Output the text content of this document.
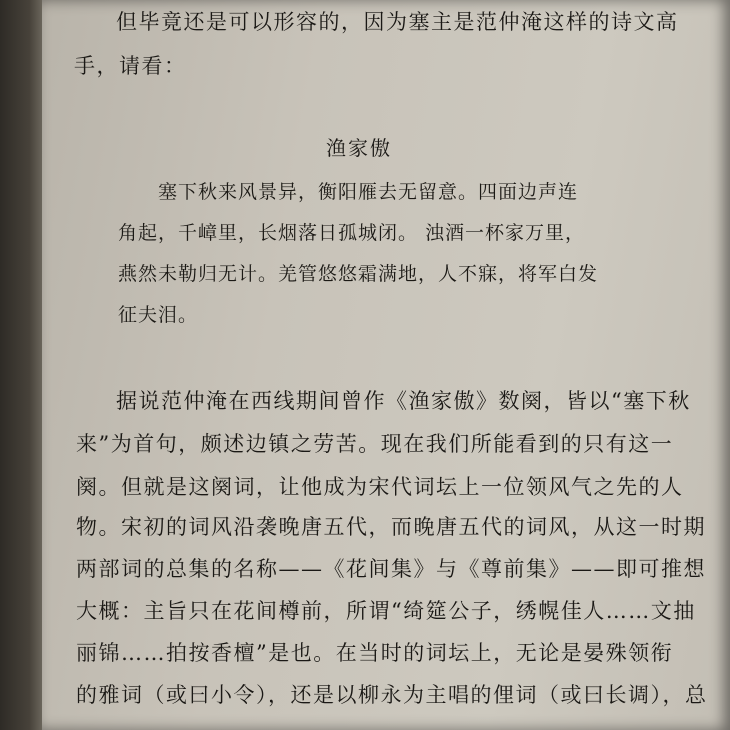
但毕竟还是可以形容的，因为塞主是范仲淹这样的诗文高
手，请看：
渔家傲
塞下秋来风景异，衡阳雁去无留意。四面边声连
角起，千嶂里，长烟落日孤城闭。 浊酒一杯家万里，
燕然未勒归无计。羌管悠悠霜满地，人不寐，将军白发
征夫泪。
据说范仲淹在西线期间曾作《渔家傲》数阕，皆以“塞下秋
来”为首句，颇述边镇之劳苦。现在我们所能看到的只有这一
阕。但就是这阕词，让他成为宋代词坛上一位领风气之先的人
物。宋初的词风沿袭晚唐五代，而晚唐五代的词风，从这一时期
两部词的总集的名称——《花间集》与《尊前集》——即可推想
大概：主旨只在花间樽前，所谓“绮筵公子，绣幌佳人……文抽
丽锦……拍按香檀”是也。在当时的词坛上，无论是晏殊领衔
的雅词（或曰小令），还是以柳永为主唱的俚词（或曰长调），总
